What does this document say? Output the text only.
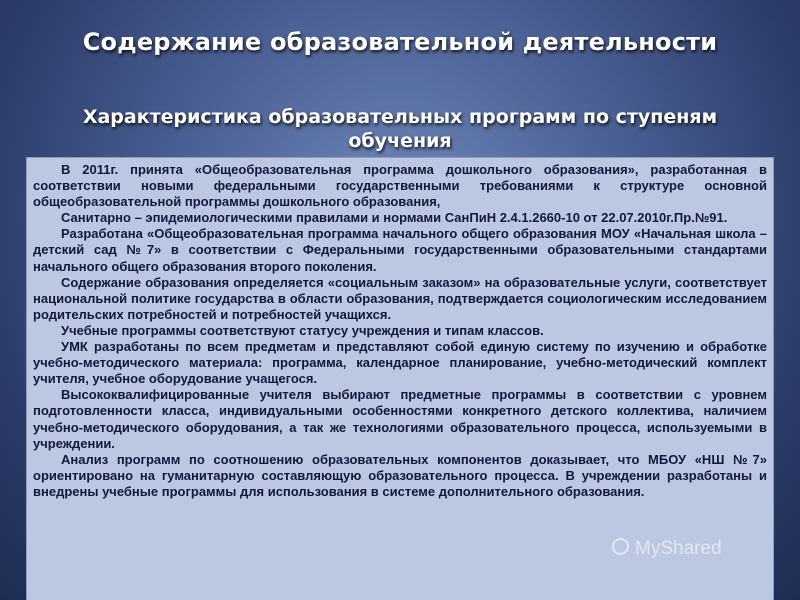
Содержание образовательной деятельности
Характеристика образовательных программ по ступеням обучения

В 2011г. принята «Общеобразовательная программа дошкольного образования», разработанная в соответствии новыми федеральными государственными требованиями к структуре основной общеобразовательной программы дошкольного образования,

Санитарно – эпидемиологическими правилами и нормами СанПиН 2.4.1.2660-10 от 22.07.2010г.Пр.№91.

Разработана «Общеобразовательная программа начального общего образования МОУ «Начальная школа – детский сад №7» в соответствии с Федеральными государственными образовательными стандартами начального общего образования второго поколения.

Содержание образования определяется «социальным заказом» на образовательные услуги, соответствует национальной политике государства в области образования, подтверждается социологическим исследованием родительских потребностей и потребностей учащихся.

Учебные программы соответствуют статусу учреждения и типам классов.

УМК разработаны по всем предметам и представляют собой единую систему по изучению и обработке учебно-методического материала: программа, календарное планирование, учебно-методический комплект учителя, учебное оборудование учащегося.

Высококвалифицированные учителя выбирают предметные программы в соответствии с уровнем подготовленности класса, индивидуальными особенностями конкретного детского коллектива, наличием учебно-методического оборудования, а так же технологиями образовательного процесса, используемыми в учреждении.

Анализ программ по соотношению образовательных компонентов доказывает, что МБОУ «НШ №7» ориентировано на гуманитарную составляющую образовательного процесса. В учреждении разработаны и внедрены учебные программы для использования в системе дополнительного образования.

MyShared
